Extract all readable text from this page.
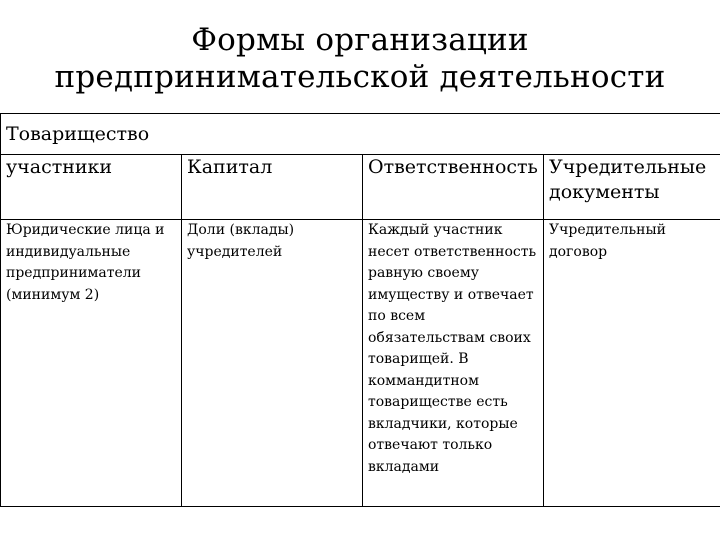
Формы организации
предпринимательской деятельности
Товарищество			
участники	Капитал	Ответственность	Учредительные документы
Юридические лица и индивидуальные предприниматели (минимум 2)	Доли (вклады) учредителей	Каждый участник несет ответственность равную своему имуществу и отвечает по всем обязательствам своих товарищей. В коммандитном товариществе есть вкладчики, которые отвечают только вкладами	Учредительный договор
